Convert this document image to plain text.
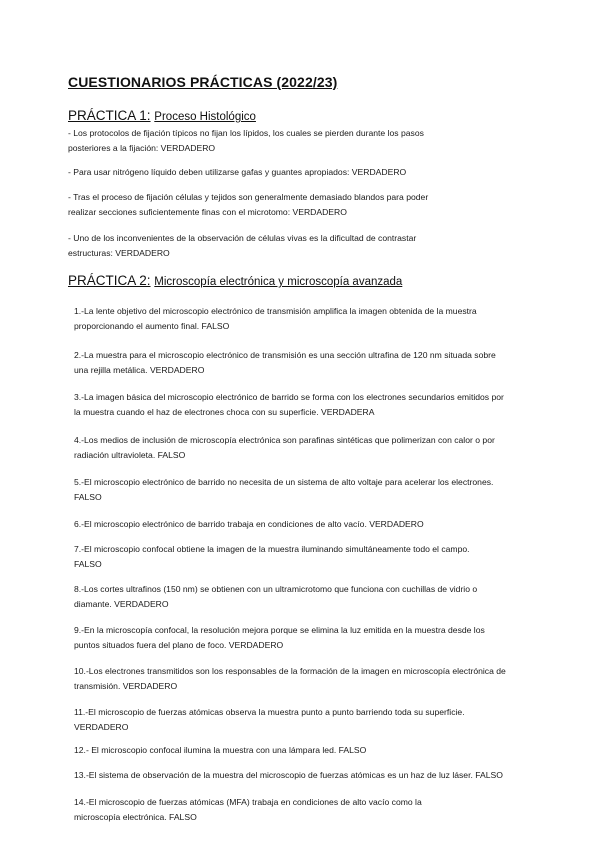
CUESTIONARIOS PRÁCTICAS (2022/23)
PRÁCTICA 1: Proceso Histológico
- Los protocolos de fijación típicos no fijan los lípidos, los cuales se pierden durante los pasos
posteriores a la fijación: VERDADERO
- Para usar nitrógeno líquido deben utilizarse gafas y guantes apropiados: VERDADERO
- Tras el proceso de fijación células y tejidos son generalmente demasiado blandos para poder
realizar secciones suficientemente finas con el microtomo: VERDADERO
- Uno de los inconvenientes de la observación de células vivas es la dificultad de contrastar
estructuras: VERDADERO
PRÁCTICA 2: Microscopía electrónica y microscopía avanzada
1.-La lente objetivo del microscopio electrónico de transmisión amplifica la imagen obtenida de la muestra
proporcionando el aumento final. FALSO
2.-La muestra para el microscopio electrónico de transmisión es una sección ultrafina de 120 nm situada sobre
una rejilla metálica. VERDADERO
3.-La imagen básica del microscopio electrónico de barrido se forma con los electrones secundarios emitidos por
la muestra cuando el haz de electrones choca con su superficie. VERDADERA
4.-Los medios de inclusión de microscopía electrónica son parafinas sintéticas que polimerizan con calor o por
radiación ultravioleta. FALSO
5.-El microscopio electrónico de barrido no necesita de un sistema de alto voltaje para acelerar los electrones.
FALSO
6.-El microscopio electrónico de barrido trabaja en condiciones de alto vacío. VERDADERO
7.-El microscopio confocal obtiene la imagen de la muestra iluminando simultáneamente todo el campo.
FALSO
8.-Los cortes ultrafinos (150 nm) se obtienen con un ultramicrotomo que funciona con cuchillas de vidrio o
diamante. VERDADERO
9.-En la microscopía confocal, la resolución mejora porque se elimina la luz emitida en la muestra desde los
puntos situados fuera del plano de foco. VERDADERO
10.-Los electrones transmitidos son los responsables de la formación de la imagen en microscopía electrónica de
transmisión. VERDADERO
11.-El microscopio de fuerzas atómicas observa la muestra punto a punto barriendo toda su superficie.
VERDADERO
12.- El microscopio confocal ilumina la muestra con una lámpara led. FALSO
13.-El sistema de observación de la muestra del microscopio de fuerzas atómicas es un haz de luz láser. FALSO
14.-El microscopio de fuerzas atómicas (MFA) trabaja en condiciones de alto vacío como la
microscopía electrónica. FALSO
